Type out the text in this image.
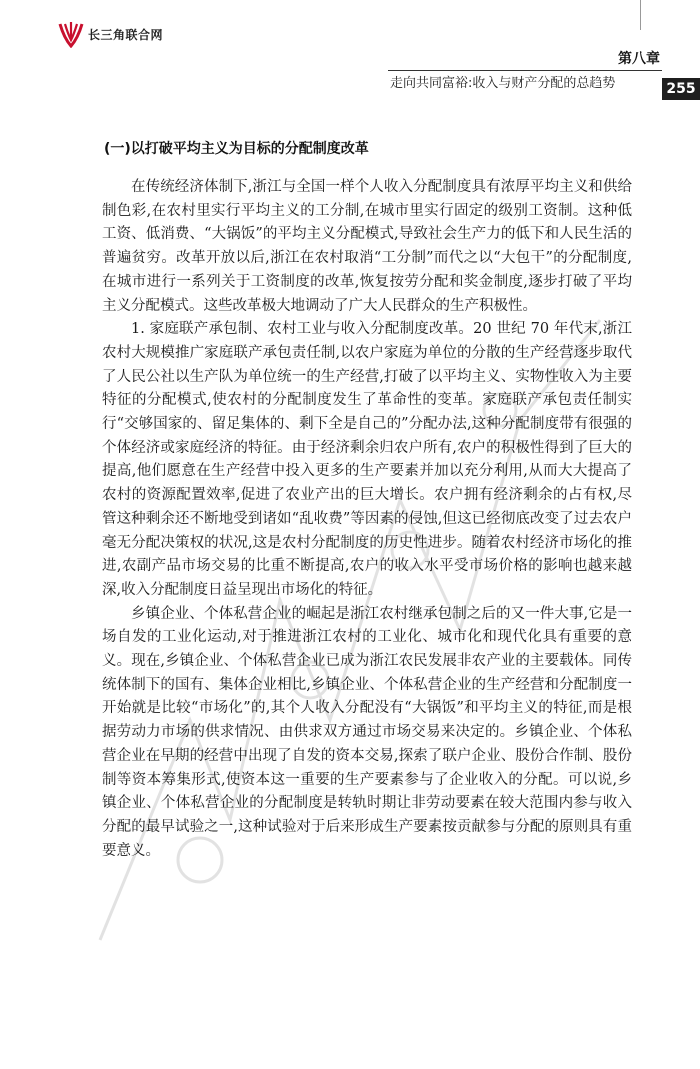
长三角联合网
第八章
走向共同富裕:收入与财产分配的总趋势	255
(一)以打破平均主义为目标的分配制度改革

在传统经济体制下,浙江与全国一样个人收入分配制度具有浓厚平均主义和供给制色彩,在农村里实行平均主义的工分制,在城市里实行固定的级别工资制。这种低工资、低消费、“大锅饭”的平均主义分配模式,导致社会生产力的低下和人民生活的普遍贫穷。改革开放以后,浙江在农村取消“工分制”而代之以“大包干”的分配制度,在城市进行一系列关于工资制度的改革,恢复按劳分配和奖金制度,逐步打破了平均主义分配模式。这些改革极大地调动了广大人民群众的生产积极性。

1. 家庭联产承包制、农村工业与收入分配制度改革。20 世纪 70 年代末,浙江农村大规模推广家庭联产承包责任制,以农户家庭为单位的分散的生产经营逐步取代了人民公社以生产队为单位统一的生产经营,打破了以平均主义、实物性收入为主要特征的分配模式,使农村的分配制度发生了革命性的变革。家庭联产承包责任制实行“交够国家的、留足集体的、剩下全是自己的”分配办法,这种分配制度带有很强的个体经济或家庭经济的特征。由于经济剩余归农户所有,农户的积极性得到了巨大的提高,他们愿意在生产经营中投入更多的生产要素并加以充分利用,从而大大提高了农村的资源配置效率,促进了农业产出的巨大增长。农户拥有经济剩余的占有权,尽管这种剩余还不断地受到诸如“乱收费”等因素的侵蚀,但这已经彻底改变了过去农户毫无分配决策权的状况,这是农村分配制度的历史性进步。随着农村经济市场化的推进,农副产品市场交易的比重不断提高,农户的收入水平受市场价格的影响也越来越深,收入分配制度日益呈现出市场化的特征。

乡镇企业、个体私营企业的崛起是浙江农村继承包制之后的又一件大事,它是一场自发的工业化运动,对于推进浙江农村的工业化、城市化和现代化具有重要的意义。现在,乡镇企业、个体私营企业已成为浙江农民发展非农产业的主要载体。同传统体制下的国有、集体企业相比,乡镇企业、个体私营企业的生产经营和分配制度一开始就是比较“市场化”的,其个人收入分配没有“大锅饭”和平均主义的特征,而是根据劳动力市场的供求情况、由供求双方通过市场交易来决定的。乡镇企业、个体私营企业在早期的经营中出现了自发的资本交易,探索了联户企业、股份合作制、股份制等资本筹集形式,使资本这一重要的生产要素参与了企业收入的分配。可以说,乡镇企业、个体私营企业的分配制度是转轨时期让非劳动要素在较大范围内参与收入分配的最早试验之一,这种试验对于后来形成生产要素按贡献参与分配的原则具有重要意义。
